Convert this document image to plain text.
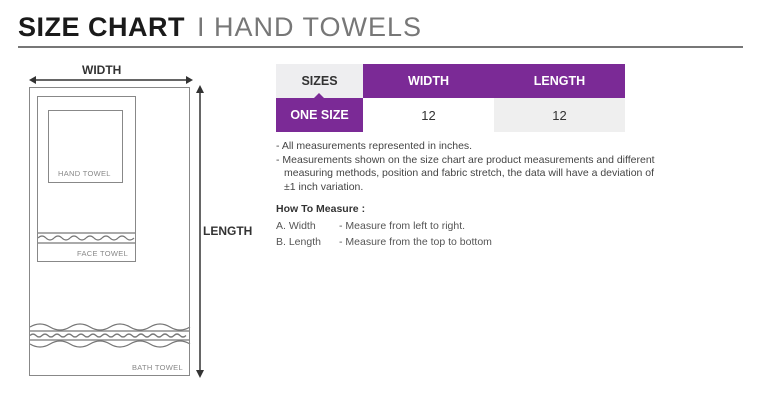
SIZE CHART I HAND TOWELS
WIDTH
LENGTH
HAND TOWEL
FACE TOWEL
BATH TOWEL
SIZES	WIDTH	LENGTH
ONE SIZE	12	12
- All measurements represented in inches.
- Measurements shown on the size chart are product measurements and different
measuring methods, position and fabric stretch, the data will have a deviation of
±1 inch variation.
How To Measure :
A. Width - Measure from left to right.
B. Length - Measure from the top to bottom
